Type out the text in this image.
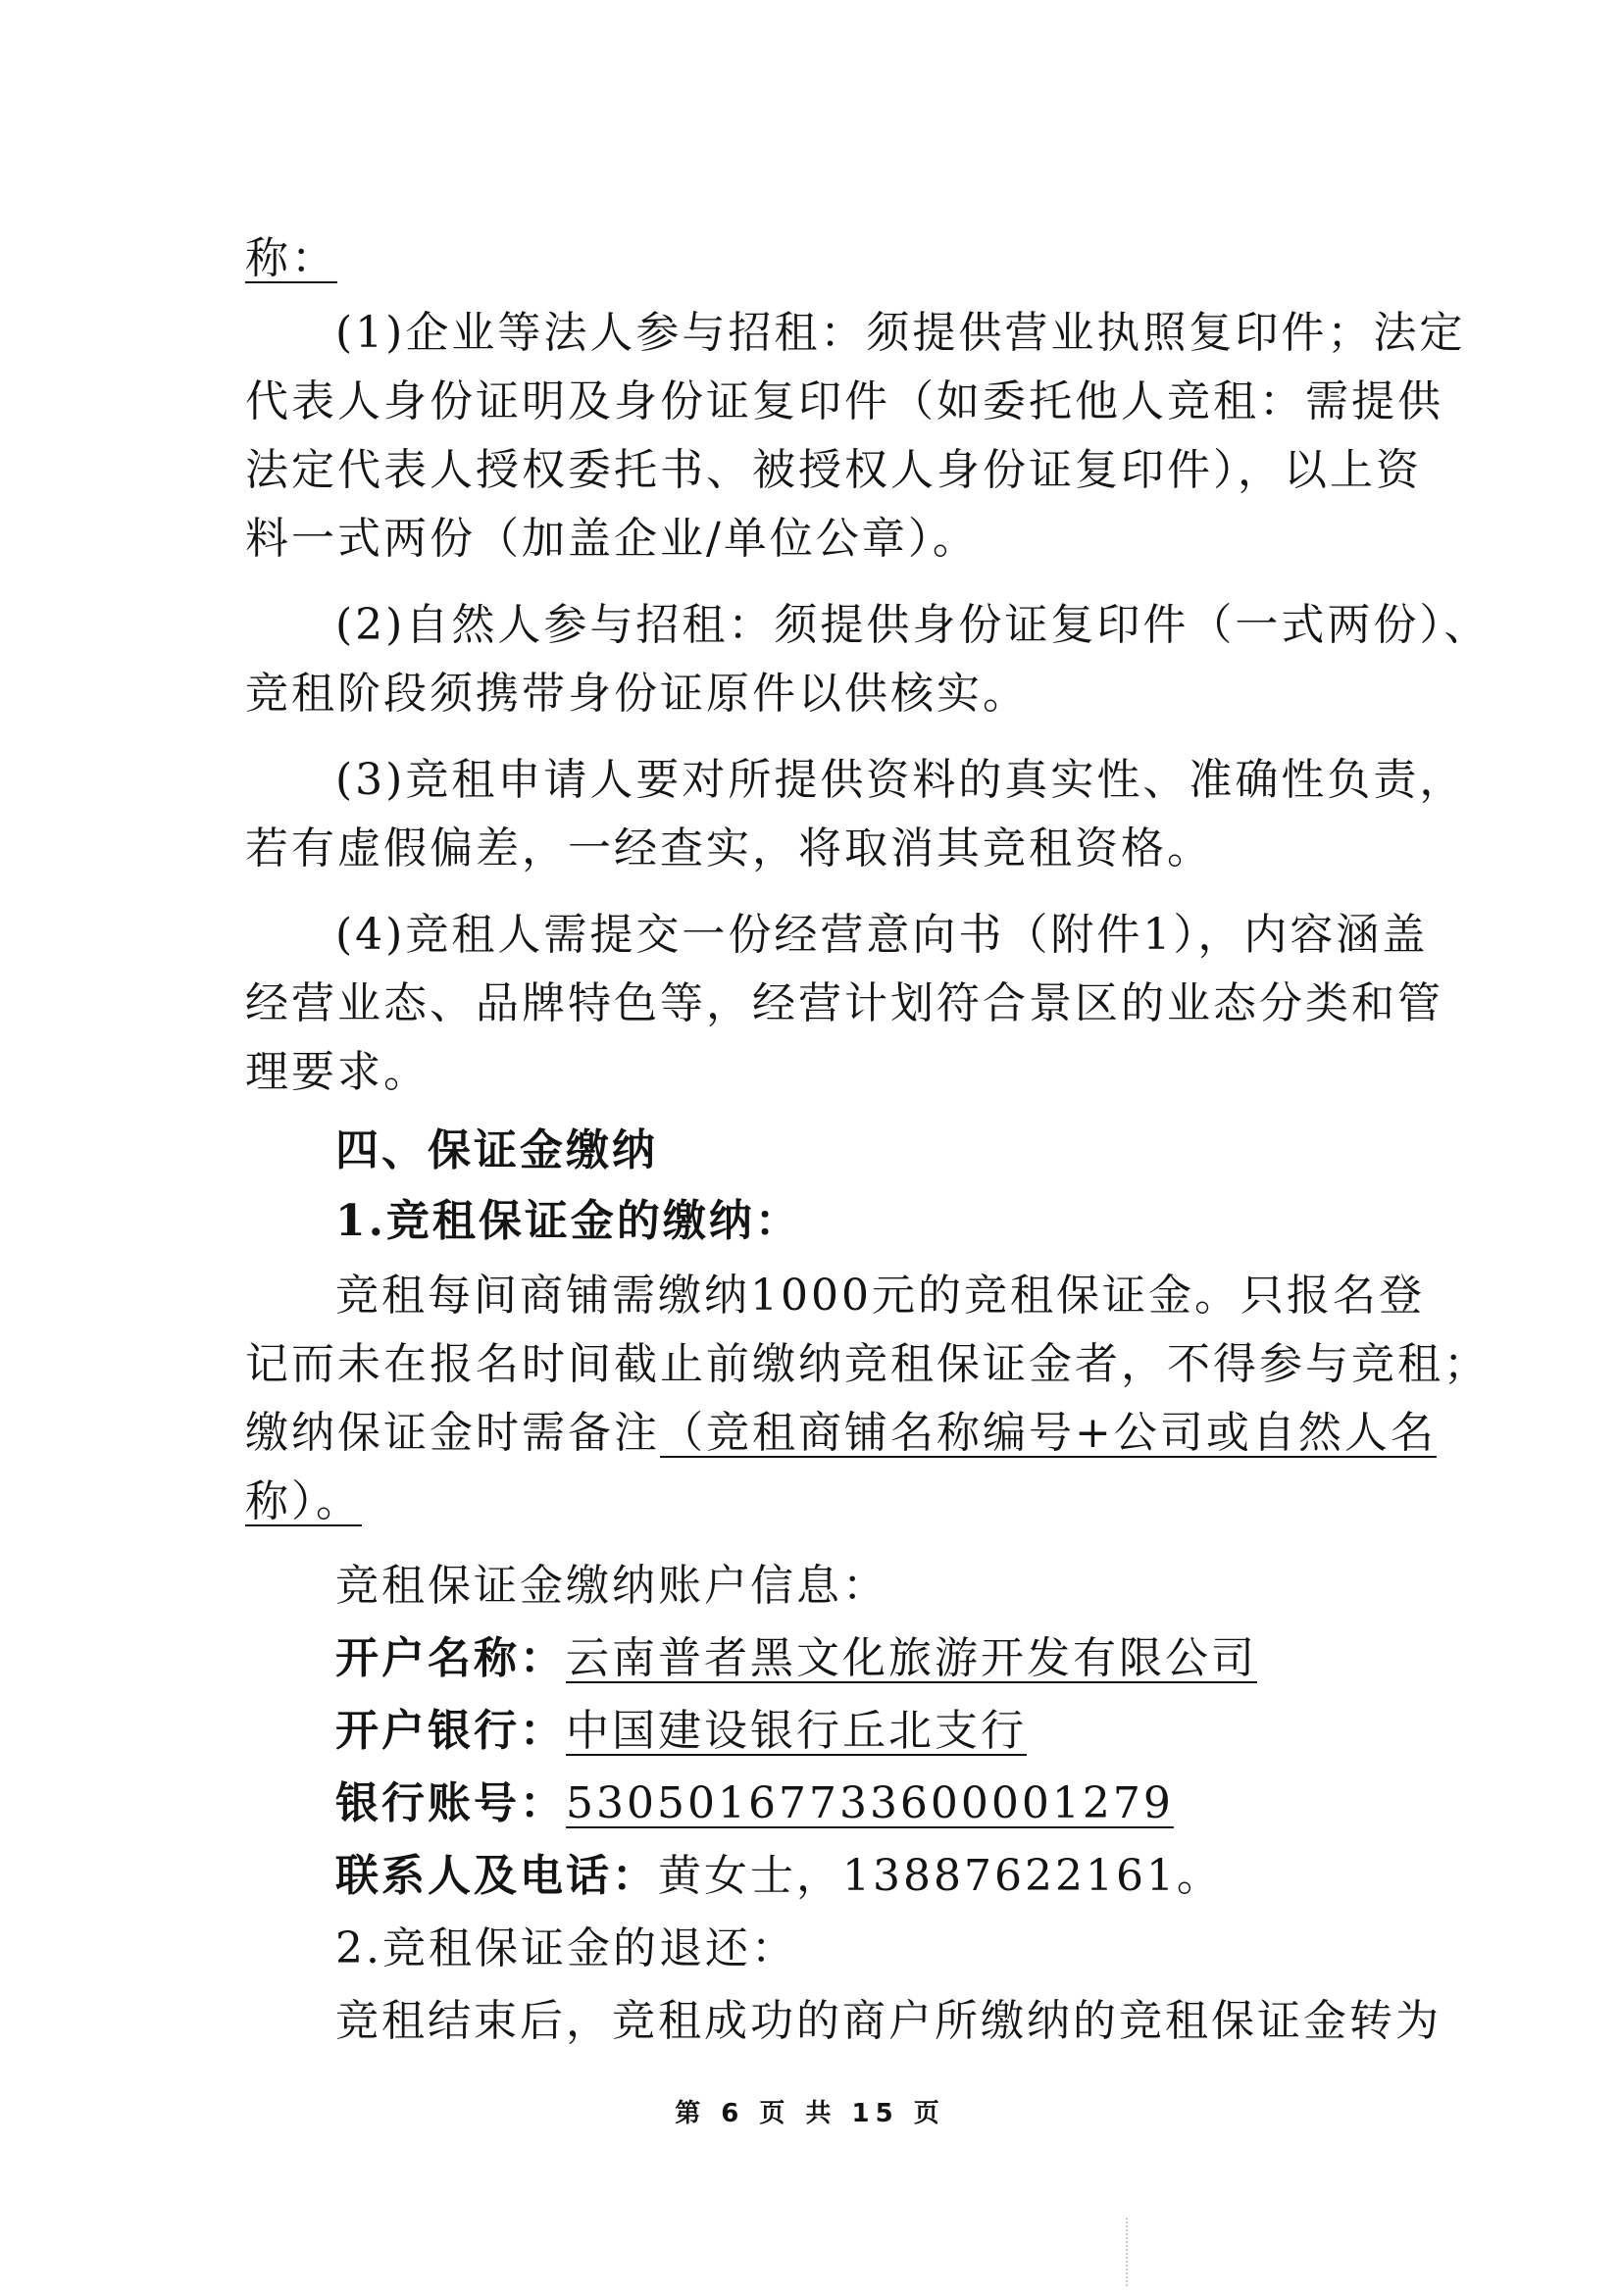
称：
(1)企业等法人参与招租：须提供营业执照复印件；法定
代表人身份证明及身份证复印件（如委托他人竞租：需提供
法定代表人授权委托书、被授权人身份证复印件），以上资
料一式两份（加盖企业/单位公章）。
(2)自然人参与招租：须提供身份证复印件（一式两份）、
竞租阶段须携带身份证原件以供核实。
(3)竞租申请人要对所提供资料的真实性、准确性负责，
若有虚假偏差，一经查实，将取消其竞租资格。
(4)竞租人需提交一份经营意向书（附件1），内容涵盖
经营业态、品牌特色等，经营计划符合景区的业态分类和管
理要求。
四、保证金缴纳
1.竞租保证金的缴纳：
竞租每间商铺需缴纳1000元的竞租保证金。只报名登
记而未在报名时间截止前缴纳竞租保证金者，不得参与竞租；
缴纳保证金时需备注（竞租商铺名称编号+公司或自然人名
称）。
竞租保证金缴纳账户信息：
开户名称：云南普者黑文化旅游开发有限公司
开户银行：中国建设银行丘北支行
银行账号：53050167733600001279
联系人及电话：黄女士，13887622161。
2.竞租保证金的退还：
竞租结束后，竞租成功的商户所缴纳的竞租保证金转为
第 6 页 共 15 页
